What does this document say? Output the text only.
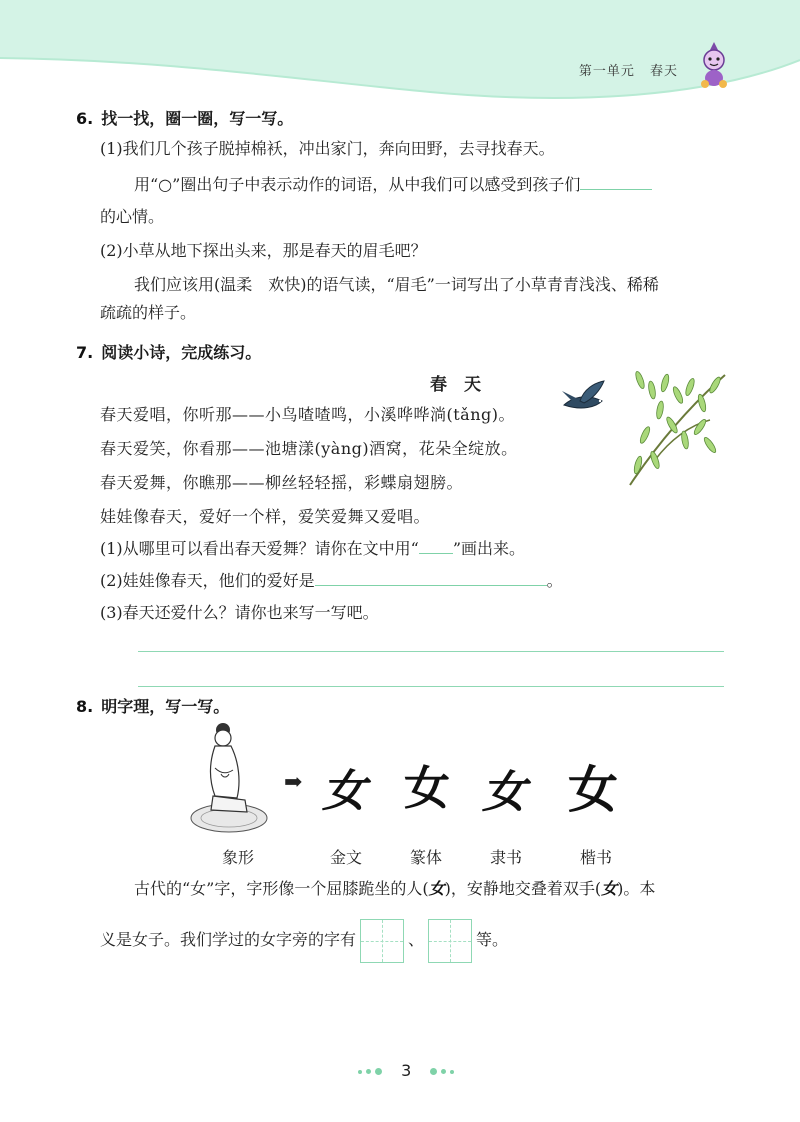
第一单元 春天
6. 找一找，圈一圈，写一写。
(1)我们几个孩子脱掉棉袄，冲出家门，奔向田野，去寻找春天。
用“○”圈出句子中表示动作的词语，从中我们可以感受到孩子们
的心情。
(2)小草从地下探出头来，那是春天的眉毛吧？
我们应该用(温柔　欢快)的语气读，“眉毛”一词写出了小草青青浅浅、稀稀
疏疏的样子。
7. 阅读小诗，完成练习。
春　天
春天爱唱，你听那——小鸟喳喳鸣，小溪哗哗淌(tǎng)。
春天爱笑，你看那——池塘漾(yàng)酒窝，花朵全绽放。
春天爱舞，你瞧那——柳丝轻轻摇，彩蝶扇翅膀。
娃娃像春天，爱好一个样，爱笑爱舞又爱唱。
(1)从哪里可以看出春天爱舞？请你在文中用“ ”画出来。
(2)娃娃像春天，他们的爱好是	。
(3)春天还爱什么？请你也来写一写吧。
8. 明字理，写一写。
➡ 女 女 女 女
象形	金文	篆体	隶书	楷书
古代的“女”字，字形像一个屈膝跪坐的人(女)，安静地交叠着双手(女)。本
义是女子。我们学过的女字旁的字有	、	等。
3
